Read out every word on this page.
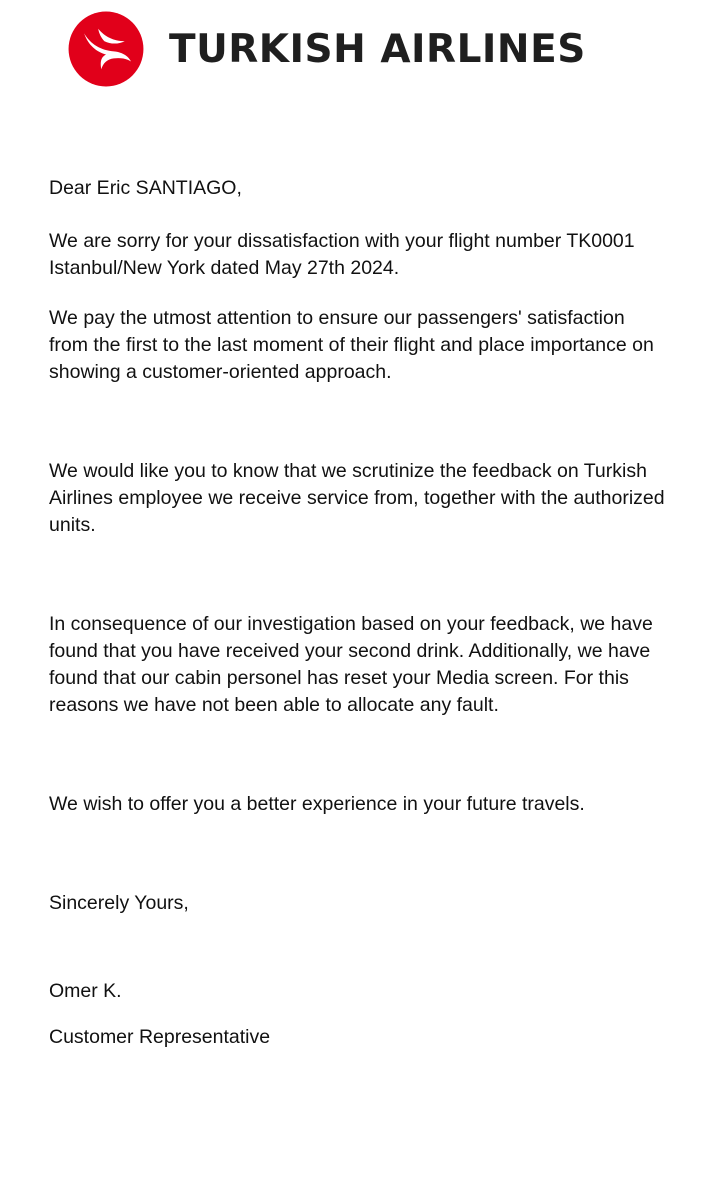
TURKISH AIRLINES

Dear Eric SANTIAGO,

We are sorry for your dissatisfaction with your flight number TK0001 Istanbul/New York dated May 27th 2024.

We pay the utmost attention to ensure our passengers' satisfaction from the first to the last moment of their flight and place importance on showing a customer-oriented approach.

We would like you to know that we scrutinize the feedback on Turkish Airlines employee we receive service from, together with the authorized units.

In consequence of our investigation based on your feedback, we have found that you have received your second drink. Additionally, we have found that our cabin personel has reset your Media screen. For this reasons we have not been able to allocate any fault.

We wish to offer you a better experience in your future travels.

Sincerely Yours,

Omer K.

Customer Representative
